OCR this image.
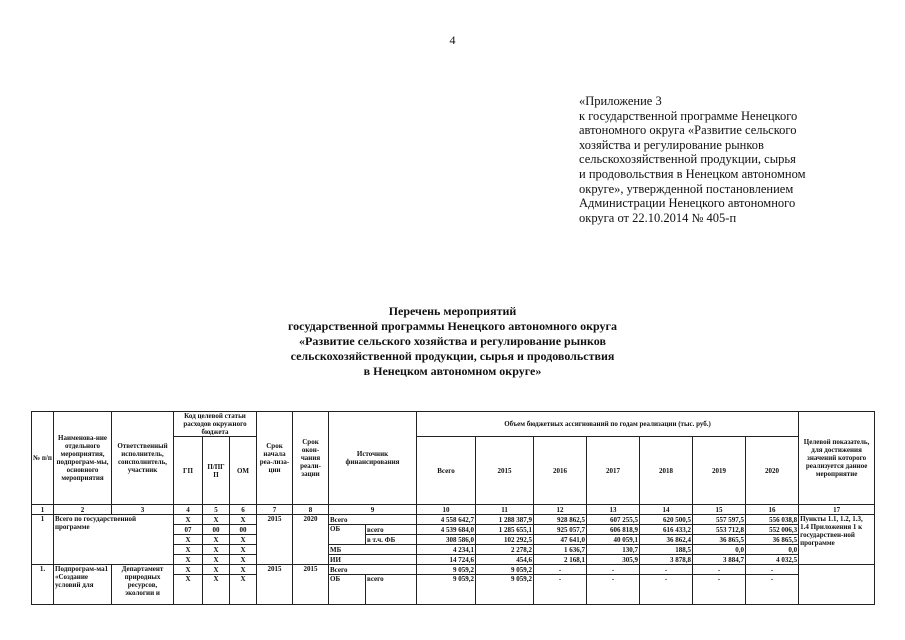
4
«Приложение 3
к государственной программе Ненецкого
автономного округа «Развитие сельского
хозяйства и регулирование рынков
сельскохозяйственной продукции, сырья
и продовольствия в Ненецком автономном
округе», утвержденной постановлением
Администрации Ненецкого автономного
округа от 22.10.2014 № 405-п
Перечень мероприятий
государственной программы Ненецкого автономного округа
«Развитие сельского хозяйства и регулирование рынков
сельскохозяйственной продукции, сырья и продовольствия
в Ненецком автономном округе»
№ п/п	Наименова-ние отдельного мероприятия, подпрограм-мы, основного мероприятия	Ответственный исполнитель, соисполнитель, участник	Код целевой статьи расходов окружного бюджета			Срок начала реа-лиза-ции	Срок окон-чания реали-зации	Источник финансирования		Объем бюджетных ассигнований по годам реализации (тыс. руб.)							Целевой показатель, для достижения значений которого реализуется данное мероприятие
			ГП	П/ПГ П	ОМ					Всего	2015	2016	2017	2018	2019	2020	
1	2	3	4	5	6	7	8	9		10	11	12	13	14	15	16	17
1	Всего по государственной программе		X	X	X	2015	2020	Всего		4 558 642,7	1 288 387,9	928 862,5	607 255,5	620 500,5	557 597,5	556 038,8	Пункты 1.1, 1.2, 1.3, 1.4 Приложения 1 к государствен-ной программе
			07	00	00			ОБ	всего	4 539 684,0	1 285 655,1	925 057,7	606 818,9	616 433,2	553 712,8	552 006,3	
			X	X	X				в т.ч. ФБ	308 586,0	102 292,5	47 641,0	40 059,1	36 862,4	36 865,5	36 865,5	
			X	X	X			МБ		4 234,1	2 278,2	1 636,7	130,7	188,5	0,0	0,0	
			X	X	X			ИИ		14 724,6	454,6	2 168,1	305,9	3 878,8	3 884,7	4 032,5	
1.	Подпрограм-ма1 «Создание условий для	Департамент природных ресурсов, экологии и	X	X	X	2015	2015	Всего		9 059,2	9 059,2	-	-	-	-	-	
			X	X	X			ОБ	всего	9 059,2	9 059,2	-	-	-	-	-	
